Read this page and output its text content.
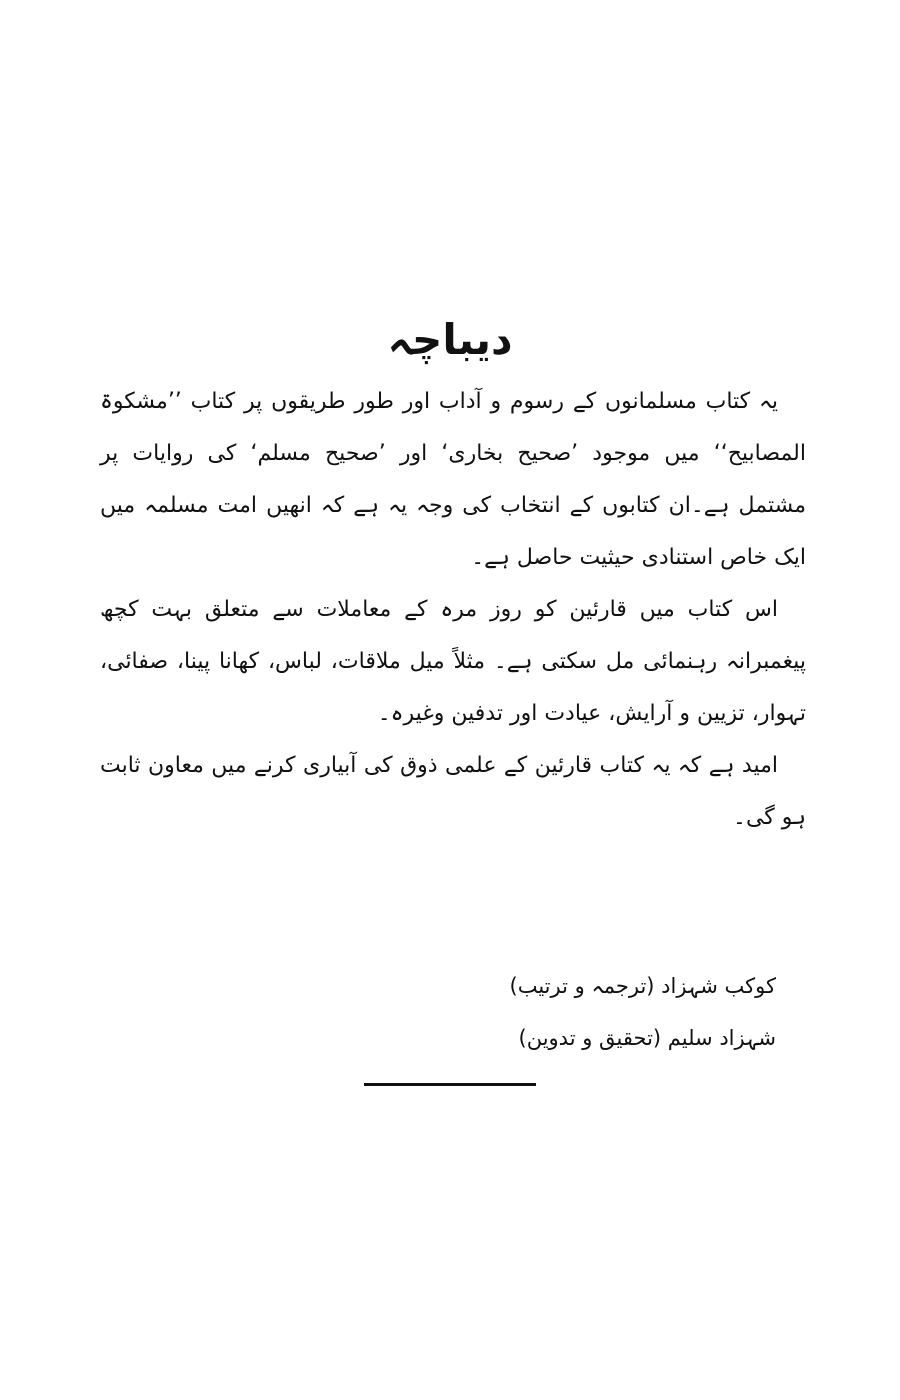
دیباچہ

یہ کتاب مسلمانوں کے رسوم و آداب اور طور طریقوں پر کتاب ’’مشکوۃ المصابیح‘‘ میں موجود ’صحیح بخاری‘ اور ’صحیح مسلم‘ کی روایات پر مشتمل ہے۔ان کتابوں کے انتخاب کی وجہ یہ ہے کہ انھیں امت مسلمہ میں ایک خاص استنادی حیثیت حاصل ہے۔

اس کتاب میں قارئین کو روز مرہ کے معاملات سے متعلق بہت کچھ پیغمبرانہ رہنمائی مل سکتی ہے۔ مثلاً میل ملاقات، لباس، کھانا پینا، صفائی، تہوار، تزیین و آرایش، عیادت اور تدفین وغیرہ۔

امید ہے کہ یہ کتاب قارئین کے علمی ذوق کی آبیاری کرنے میں معاون ثابت ہو گی۔

کوکب شہزاد (ترجمہ و ترتیب)
شہزاد سلیم (تحقیق و تدوین)
